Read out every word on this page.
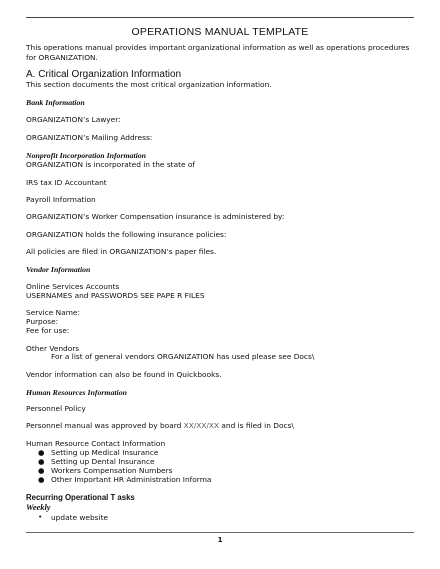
OPERATIONS MANUAL TEMPLATE
This operations manual provides important organizational information as well as operations procedures for ORGANIZATION.
A. Critical Organization Information
This section documents the most critical organization information.
Bank Information
ORGANIZATION’s Lawyer:
ORGANIZATION’s Mailing Address:
Nonprofit Incorporation Information
ORGANIZATION is incorporated in the state of
IRS tax ID Accountant
Payroll Information
ORGANIZATION’s Worker Compensation insurance is administered by:
ORGANIZATION holds the following insurance policies:
All policies are filed in ORGANIZATION’s paper files.
Vendor Information
Online Services Accounts
USERNAMES and PASSWORDS SEE PAPE R FILES
Service Name:
Purpose:
Fee for use:
Other Vendors
For a list of general vendors ORGANIZATION has used please see Docs\
Vendor information can also be found in Quickbooks.
Human Resources Information
Personnel Policy
Personnel manual was approved by board XX/XX/XX and is filed in Docs\
Human Resource Contact Information
● Setting up Medical Insurance
● Setting up Dental Insurance
● Workers Compensation Numbers
● Other Important HR Administration Informa
Recurring Operational T asks
Weekly
• update website
1
